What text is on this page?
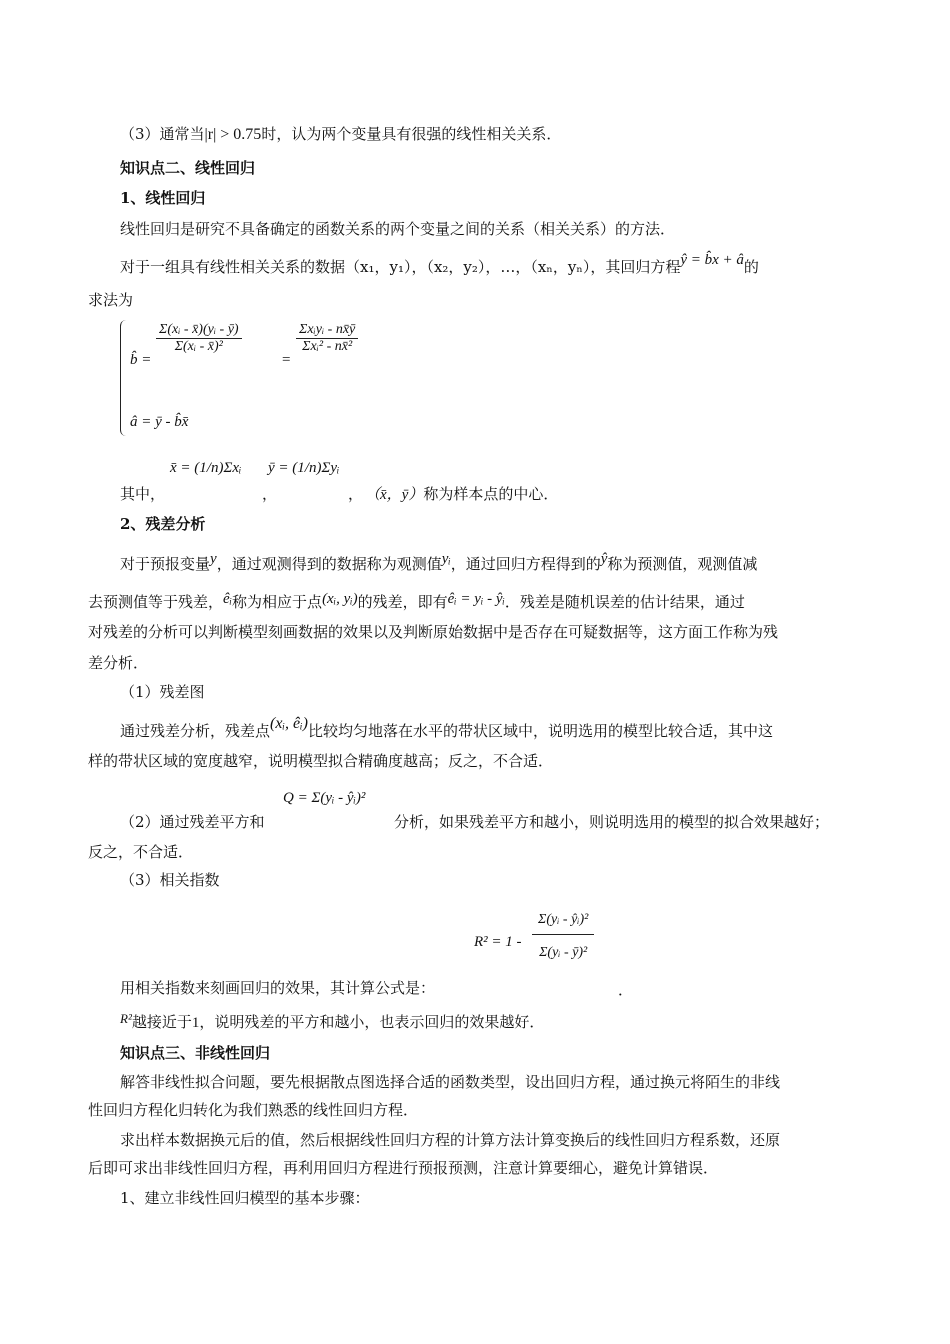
（3）通常当|r| > 0.75时，认为两个变量具有很强的线性相关关系．
知识点二、线性回归
1、线性回归
线性回归是研究不具备确定的函数关系的两个变量之间的关系（相关关系）的方法．
对于一组具有线性相关关系的数据（x₁，y₁），（x₂，y₂），…，（xₙ，yₙ），其回归方程ŷ = b̂x + â的
求法为
b̂ =
$\frac{\text{Σ(xᵢ - x̄)(yᵢ - ȳ)}}{\text{Σ(xᵢ - x̄)²}}$
=
Σxᵢyᵢ - nx̄ȳ
Σxᵢ² - nx̄²
â = ȳ - b̂x̄
其中，
x̄ = (1/n)Σxᵢ
，
ȳ = (1/n)Σyᵢ
， （x̄，ȳ）称为样本点的中心．
2、残差分析
对于预报变量y，通过观测得到的数据称为观测值yᵢ，通过回归方程得到的ŷ称为预测值，观测值减
去预测值等于残差，êᵢ称为相应于点(xᵢ, yᵢ)的残差，即有êᵢ = yᵢ - ŷᵢ．残差是随机误差的估计结果，通过
对残差的分析可以判断模型刻画数据的效果以及判断原始数据中是否存在可疑数据等，这方面工作称为残
差分析．
（1）残差图
通过残差分析，残差点(xᵢ, êᵢ)比较均匀地落在水平的带状区域中，说明选用的模型比较合适，其中这
样的带状区域的宽度越窄，说明模型拟合精确度越高；反之，不合适．
Q = Σ(yᵢ - ŷᵢ)²
（2）通过残差平方和	分析，如果残差平方和越小，则说明选用的模型的拟合效果越好；
反之，不合适．
（3）相关指数
$R^2 = 1 - \frac{\text{Σ(yᵢ - ŷᵢ)²}}{\text{Σ(yᵢ - ȳ)²}}$
用相关指数来刻画回归的效果，其计算公式是：	．
R²越接近于1，说明残差的平方和越小，也表示回归的效果越好．
知识点三、非线性回归
解答非线性拟合问题，要先根据散点图选择合适的函数类型，设出回归方程，通过换元将陌生的非线
性回归方程化归转化为我们熟悉的线性回归方程．
求出样本数据换元后的值，然后根据线性回归方程的计算方法计算变换后的线性回归方程系数，还原
后即可求出非线性回归方程，再利用回归方程进行预报预测，注意计算要细心，避免计算错误．
1、建立非线性回归模型的基本步骤：
